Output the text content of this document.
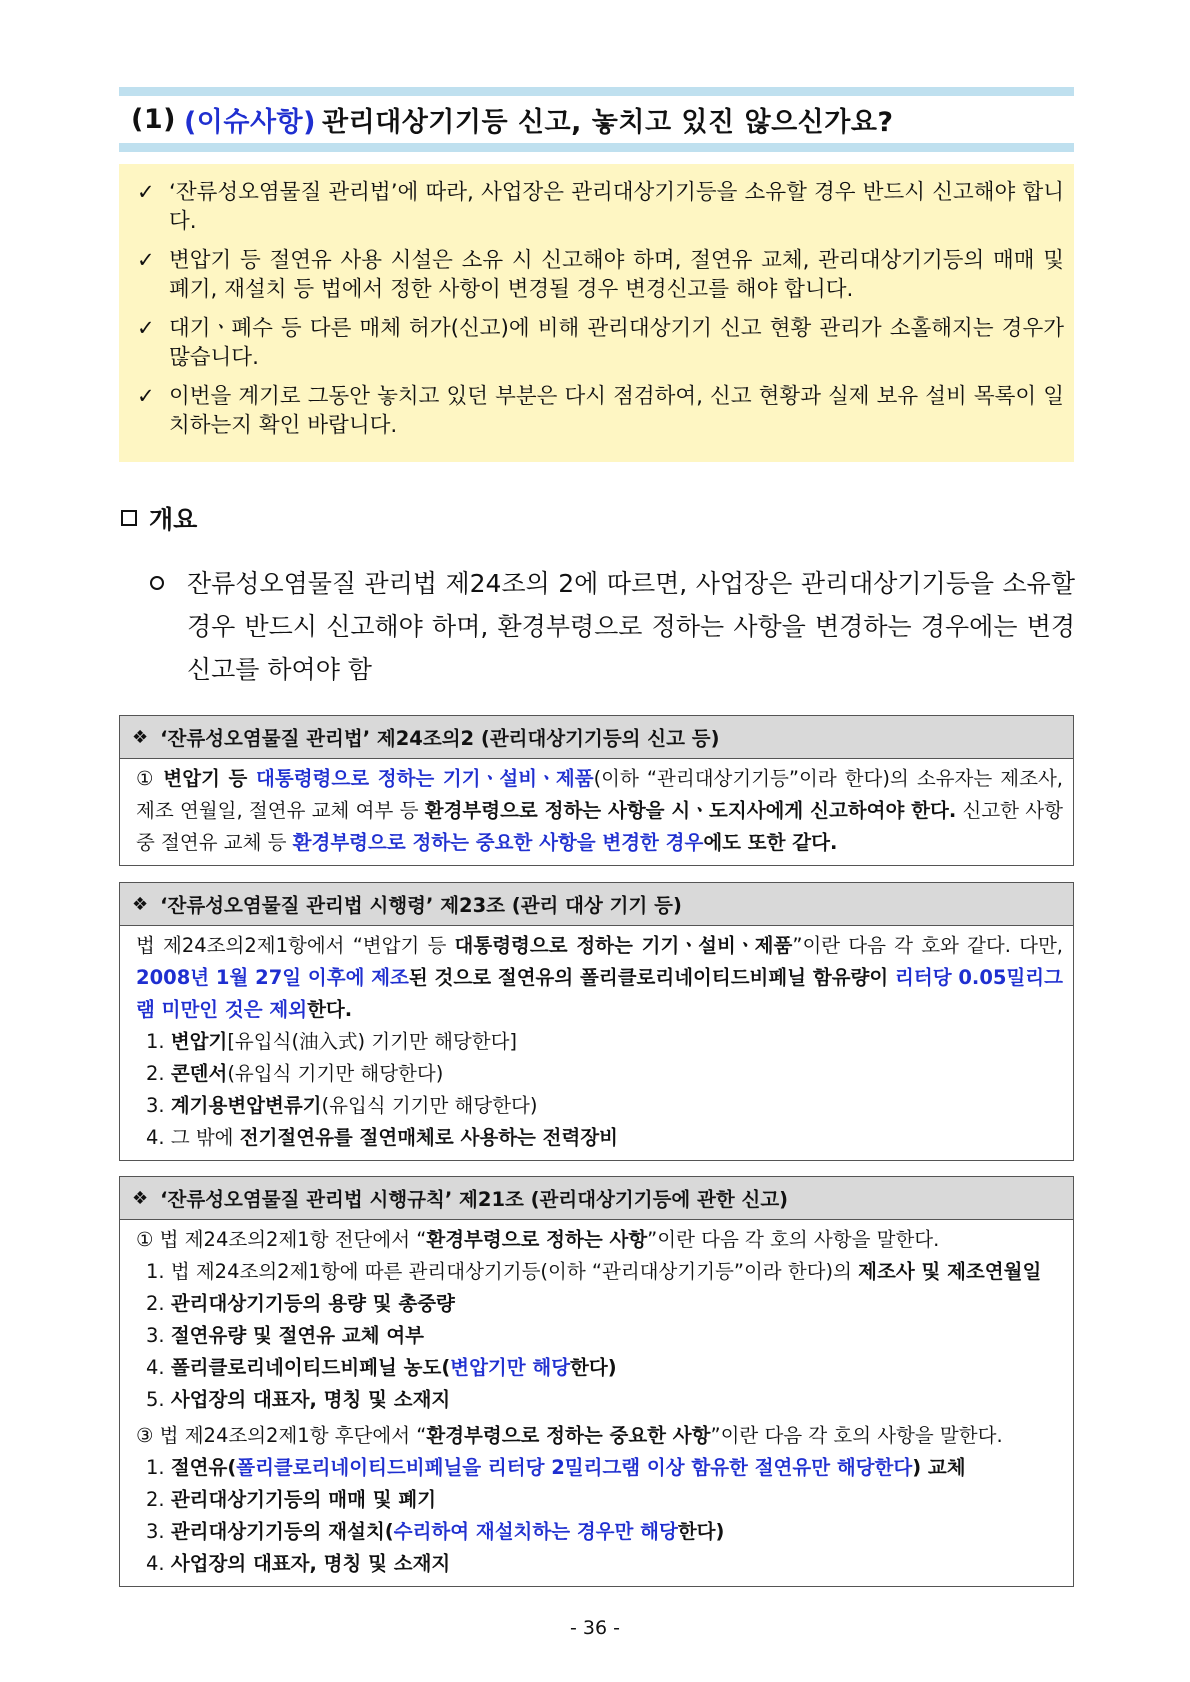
(1) (이슈사항) 관리대상기기등 신고, 놓치고 있진 않으신가요?
✓ ‘잔류성오염물질 관리법’에 따라, 사업장은 관리대상기기등을 소유할 경우 반드시 신고해야 합니다.
✓ 변압기 등 절연유 사용 시설은 소유 시 신고해야 하며, 절연유 교체, 관리대상기기등의 매매 및 폐기, 재설치 등 법에서 정한 사항이 변경될 경우 변경신고를 해야 합니다.
✓ 대기ㆍ폐수 등 다른 매체 허가(신고)에 비해 관리대상기기 신고 현황 관리가 소홀해지는 경우가 많습니다.
✓ 이번을 계기로 그동안 놓치고 있던 부분은 다시 점검하여, 신고 현황과 실제 보유 설비 목록이 일치하는지 확인 바랍니다.
개요
잔류성오염물질 관리법 제24조의 2에 따르면, 사업장은 관리대상기기등을 소유할 경우 반드시 신고해야 하며, 환경부령으로 정하는 사항을 변경하는 경우에는 변경신고를 하여야 함
❖ ‘잔류성오염물질 관리법’ 제24조의2 (관리대상기기등의 신고 등)

① 변압기 등 대통령령으로 정하는 기기ㆍ설비ㆍ제품(이하 “관리대상기기등”이라 한다)의 소유자는 제조사, 제조 연월일, 절연유 교체 여부 등 환경부령으로 정하는 사항을 시ㆍ도지사에게 신고하여야 한다. 신고한 사항 중 절연유 교체 등 환경부령으로 정하는 중요한 사항을 변경한 경우에도 또한 같다.

❖ ‘잔류성오염물질 관리법 시행령’ 제23조 (관리 대상 기기 등)

법 제24조의2제1항에서 “변압기 등 대통령령으로 정하는 기기ㆍ설비ㆍ제품”이란 다음 각 호와 같다. 다만, 2008년 1월 27일 이후에 제조된 것으로 절연유의 폴리클로리네이티드비페닐 함유량이 리터당 0.05밀리그램 미만인 것은 제외한다.

1. 변압기[유입식(油入式) 기기만 해당한다]
2. 콘덴서(유입식 기기만 해당한다)
3. 계기용변압변류기(유입식 기기만 해당한다)
4. 그 밖에 전기절연유를 절연매체로 사용하는 전력장비
❖ ‘잔류성오염물질 관리법 시행규칙’ 제21조 (관리대상기기등에 관한 신고)

① 법 제24조의2제1항 전단에서 “환경부령으로 정하는 사항”이란 다음 각 호의 사항을 말한다.

1. 법 제24조의2제1항에 따른 관리대상기기등(이하 “관리대상기기등”이라 한다)의 제조사 및 제조연월일
2. 관리대상기기등의 용량 및 총중량
3. 절연유량 및 절연유 교체 여부
4. 폴리클로리네이티드비페닐 농도(변압기만 해당한다)
5. 사업장의 대표자, 명칭 및 소재지

③ 법 제24조의2제1항 후단에서 “환경부령으로 정하는 중요한 사항”이란 다음 각 호의 사항을 말한다.

1. 절연유(폴리클로리네이티드비페닐을 리터당 2밀리그램 이상 함유한 절연유만 해당한다) 교체
2. 관리대상기기등의 매매 및 폐기
3. 관리대상기기등의 재설치(수리하여 재설치하는 경우만 해당한다)
4. 사업장의 대표자, 명칭 및 소재지
- 36 -
